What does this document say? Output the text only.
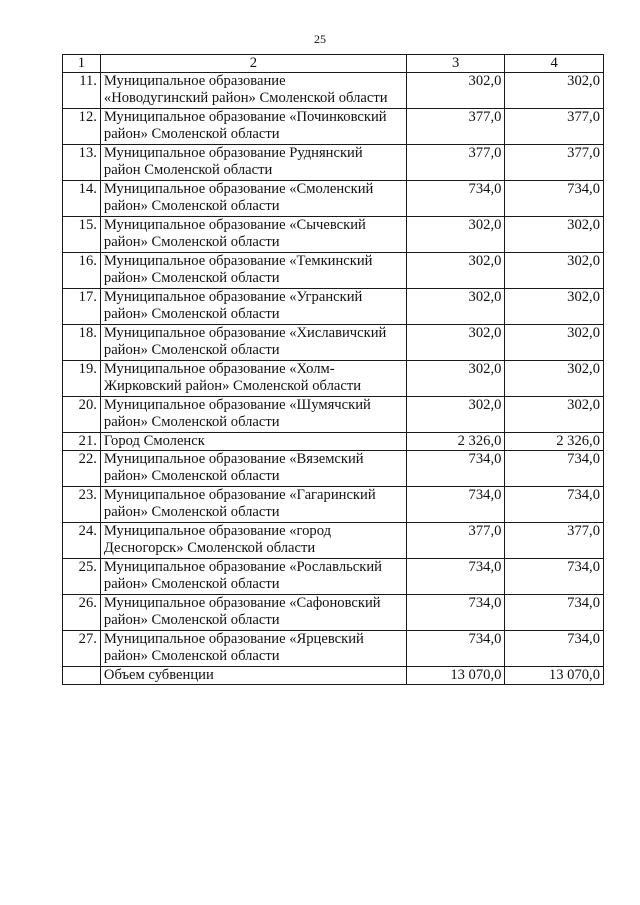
25
1	2	3	4
11.	Муниципальное образование
«Новодугинский район» Смоленской области	302,0	302,0
12.	Муниципальное образование «Починковский
район» Смоленской области	377,0	377,0
13.	Муниципальное образование Руднянский
район Смоленской области	377,0	377,0
14.	Муниципальное образование «Смоленский
район» Смоленской области	734,0	734,0
15.	Муниципальное образование «Сычевский
район» Смоленской области	302,0	302,0
16.	Муниципальное образование «Темкинский
район» Смоленской области	302,0	302,0
17.	Муниципальное образование «Угранский
район» Смоленской области	302,0	302,0
18.	Муниципальное образование «Хиславичский
район» Смоленской области	302,0	302,0
19.	Муниципальное образование «Холм-
Жирковский район» Смоленской области	302,0	302,0
20.	Муниципальное образование «Шумячский
район» Смоленской области	302,0	302,0
21.	Город Смоленск	2 326,0	2 326,0
22.	Муниципальное образование «Вяземский
район» Смоленской области	734,0	734,0
23.	Муниципальное образование «Гагаринский
район» Смоленской области	734,0	734,0
24.	Муниципальное образование «город
Десногорск» Смоленской области	377,0	377,0
25.	Муниципальное образование «Рославльский
район» Смоленской области	734,0	734,0
26.	Муниципальное образование «Сафоновский
район» Смоленской области	734,0	734,0
27.	Муниципальное образование «Ярцевский
район» Смоленской области	734,0	734,0

	Объем субвенции	13 070,0	13 070,0
